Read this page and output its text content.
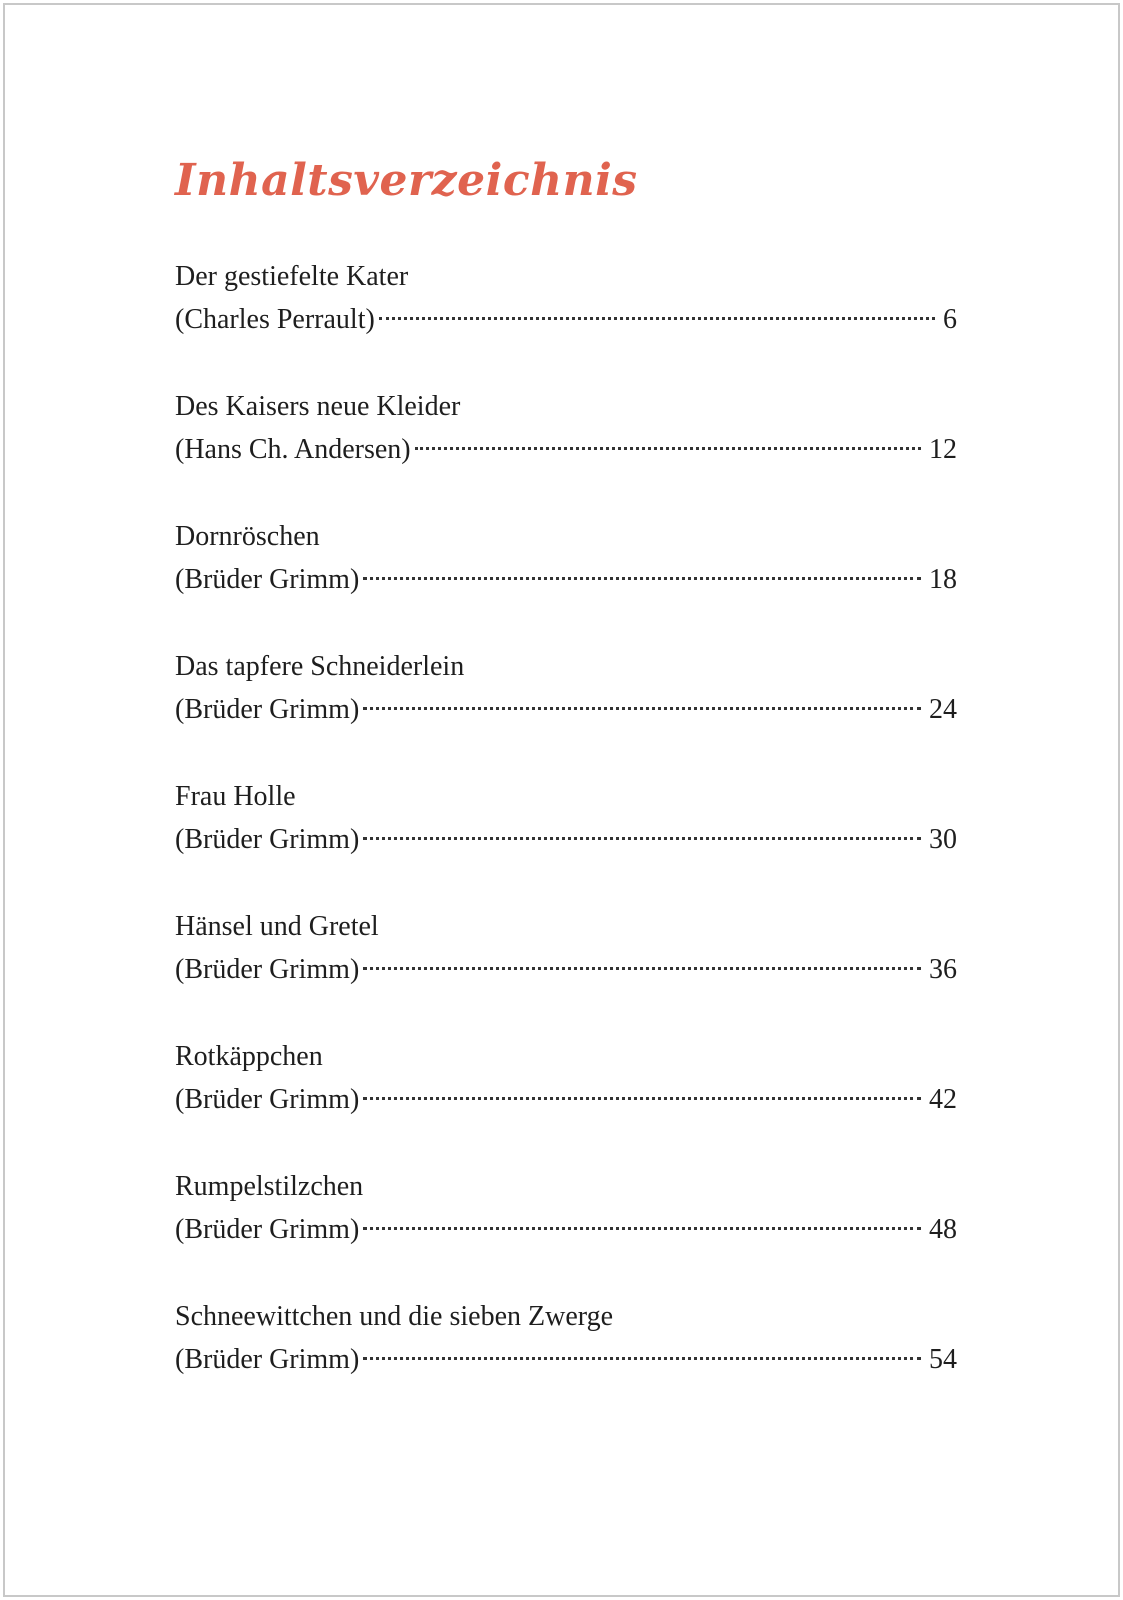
Inhaltsverzeichnis
Der gestiefelte Kater
(Charles Perrault)	6
Des Kaisers neue Kleider
(Hans Ch. Andersen)	12
Dornröschen
(Brüder Grimm)	18
Das tapfere Schneiderlein
(Brüder Grimm)	24
Frau Holle
(Brüder Grimm)	30
Hänsel und Gretel
(Brüder Grimm)	36
Rotkäppchen
(Brüder Grimm)	42
Rumpelstilzchen
(Brüder Grimm)	48
Schneewittchen und die sieben Zwerge
(Brüder Grimm)	54
